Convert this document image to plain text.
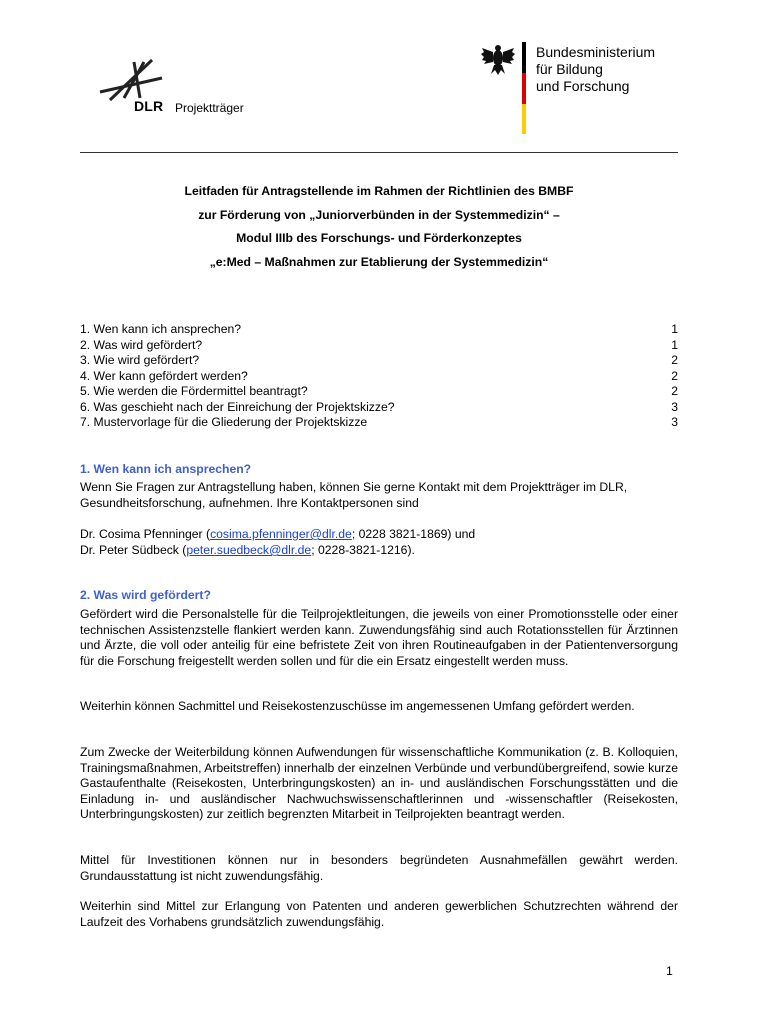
DLR Projektträger
Bundesministerium
für Bildung
und Forschung
Leitfaden für Antragstellende im Rahmen der Richtlinien des BMBF
zur Förderung von „Juniorverbünden in der Systemmedizin“ –
Modul IIIb des Forschungs- und Förderkonzeptes
„e:Med – Maßnahmen zur Etablierung der Systemmedizin“
1. Wen kann ich ansprechen?	1
2. Was wird gefördert?	1
3. Wie wird gefördert?	2
4. Wer kann gefördert werden?	2
5. Wie werden die Fördermittel beantragt?	2
6. Was geschieht nach der Einreichung der Projektskizze?	3
7. Mustervorlage für die Gliederung der Projektskizze	3
1. Wen kann ich ansprechen?
Wenn Sie Fragen zur Antragstellung haben, können Sie gerne Kontakt mit dem Projektträger im DLR, Gesundheitsforschung, aufnehmen. Ihre Kontaktpersonen sind
Dr. Cosima Pfenninger (cosima.pfenninger@dlr.de; 0228 3821-1869) und
Dr. Peter Südbeck (peter.suedbeck@dlr.de; 0228-3821-1216).
2. Was wird gefördert?
Gefördert wird die Personalstelle für die Teilprojektleitungen, die jeweils von einer Promotionsstelle oder einer technischen Assistenzstelle flankiert werden kann. Zuwendungsfähig sind auch Rotationsstellen für Ärztinnen und Ärzte, die voll oder anteilig für eine befristete Zeit von ihren Routineaufgaben in der Patientenversorgung für die Forschung freigestellt werden sollen und für die ein Ersatz eingestellt werden muss.
Weiterhin können Sachmittel und Reisekostenzuschüsse im angemessenen Umfang gefördert werden.
Zum Zwecke der Weiterbildung können Aufwendungen für wissenschaftliche Kommunikation (z. B. Kolloquien, Trainingsmaßnahmen, Arbeitstreffen) innerhalb der einzelnen Verbünde und verbundübergreifend, sowie kurze Gastaufenthalte (Reisekosten, Unterbringungskosten) an in- und ausländischen Forschungsstätten und die Einladung in- und ausländischer Nachwuchswissenschaftlerinnen und -wissenschaftler (Reisekosten, Unterbringungskosten) zur zeitlich begrenzten Mitarbeit in Teilprojekten beantragt werden.
Mittel für Investitionen können nur in besonders begründeten Ausnahmefällen gewährt werden. Grundausstattung ist nicht zuwendungsfähig.
Weiterhin sind Mittel zur Erlangung von Patenten und anderen gewerblichen Schutzrechten während der Laufzeit des Vorhabens grundsätzlich zuwendungsfähig.
1
